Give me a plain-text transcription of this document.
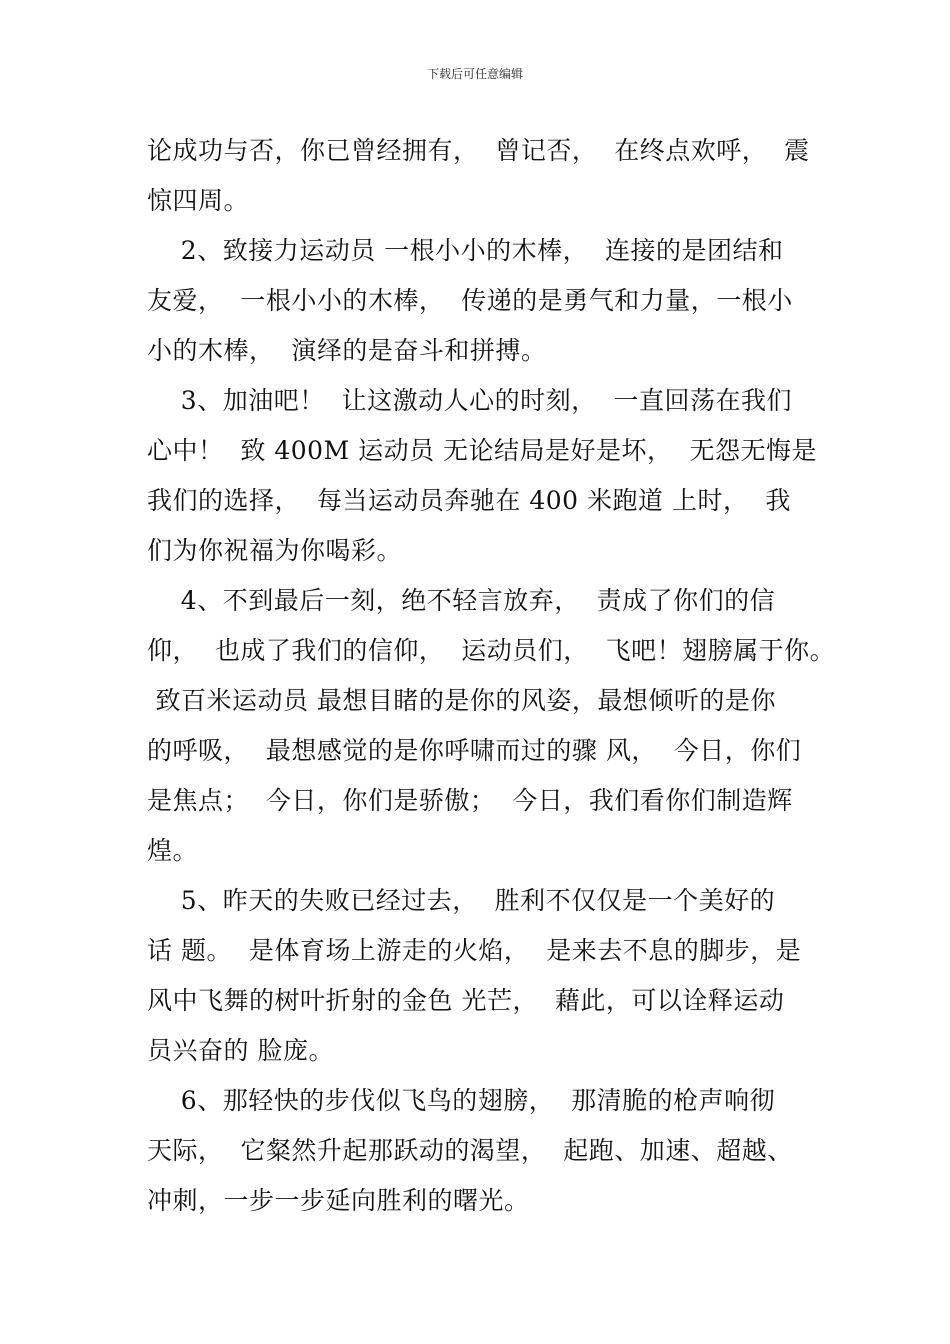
下载后可任意编辑
论成功与否，你已曾经拥有，  曾记否，  在终点欢呼，  震
惊四周。
2、致接力运动员 一根小小的木棒，  连接的是团结和
友爱，  一根小小的木棒，  传递的是勇气和力量，一根小
小的木棒，  演绎的是奋斗和拼搏。
3、加油吧！  让这激动人心的时刻，  一直回荡在我们
心中！  致 400M 运动员 无论结局是好是坏，  无怨无悔是
我们的选择，  每当运动员奔驰在 400 米跑道 上时，  我
们为你祝福为你喝彩。
4、不到最后一刻，绝不轻言放弃，  责成了你们的信
仰，  也成了我们的信仰，  运动员们，  飞吧！翅膀属于你。
致百米运动员 最想目睹的是你的风姿，最想倾听的是你
的呼吸，  最想感觉的是你呼啸而过的骤 风，  今日，你们
是焦点；  今日，你们是骄傲；  今日，我们看你们制造辉
煌。
5、昨天的失败已经过去，  胜利不仅仅是一个美好的
话 题。  是体育场上游走的火焰，  是来去不息的脚步，是
风中飞舞的树叶折射的金色 光芒，  藉此，可以诠释运动
员兴奋的 脸庞。
6、那轻快的步伐似飞鸟的翅膀，  那清脆的枪声响彻
天际，  它粲然升起那跃动的渴望，  起跑、加速、超越、
冲刺，一步一步延向胜利的曙光。
